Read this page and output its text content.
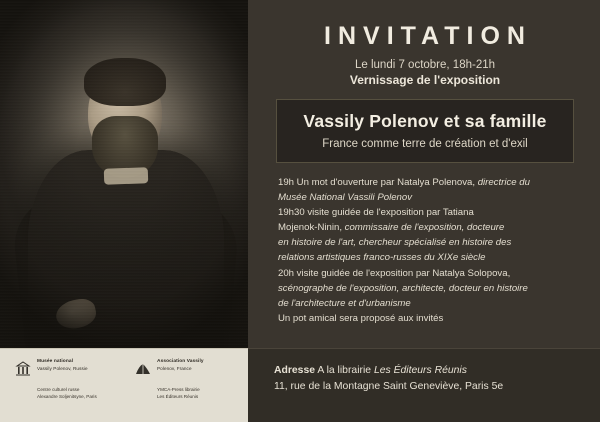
Musée national
Vassily Polenov, Russie
Association Vassily
Polenov, France
Centre culturel russe
Alexandre Soljenitsyne, Paris
YMCA-Press librairie
Les Éditeurs Réunis
INVITATION
Le lundi 7 octobre, 18h-21h
Vernissage de l'exposition
Vassily Polenov et sa famille
France comme terre de création et d'exil

19h Un mot d'ouverture par Natalya Polenova, directrice du

Musée National Vassili Polenov

19h30 visite guidée de l'exposition par Tatiana

Mojenok-Ninin, commissaire de l'exposition, docteure

en histoire de l'art, chercheur spécialisé en histoire des

relations artistiques franco-russes du XIXe siècle

20h visite guidée de l'exposition par Natalya Solopova,

scénographe de l'exposition, architecte, docteur en histoire

de l'architecture et d'urbanisme

Un pot amical sera proposé aux invités

Adresse A la librairie Les Éditeurs Réunis
11, rue de la Montagne Saint Geneviève, Paris 5e
